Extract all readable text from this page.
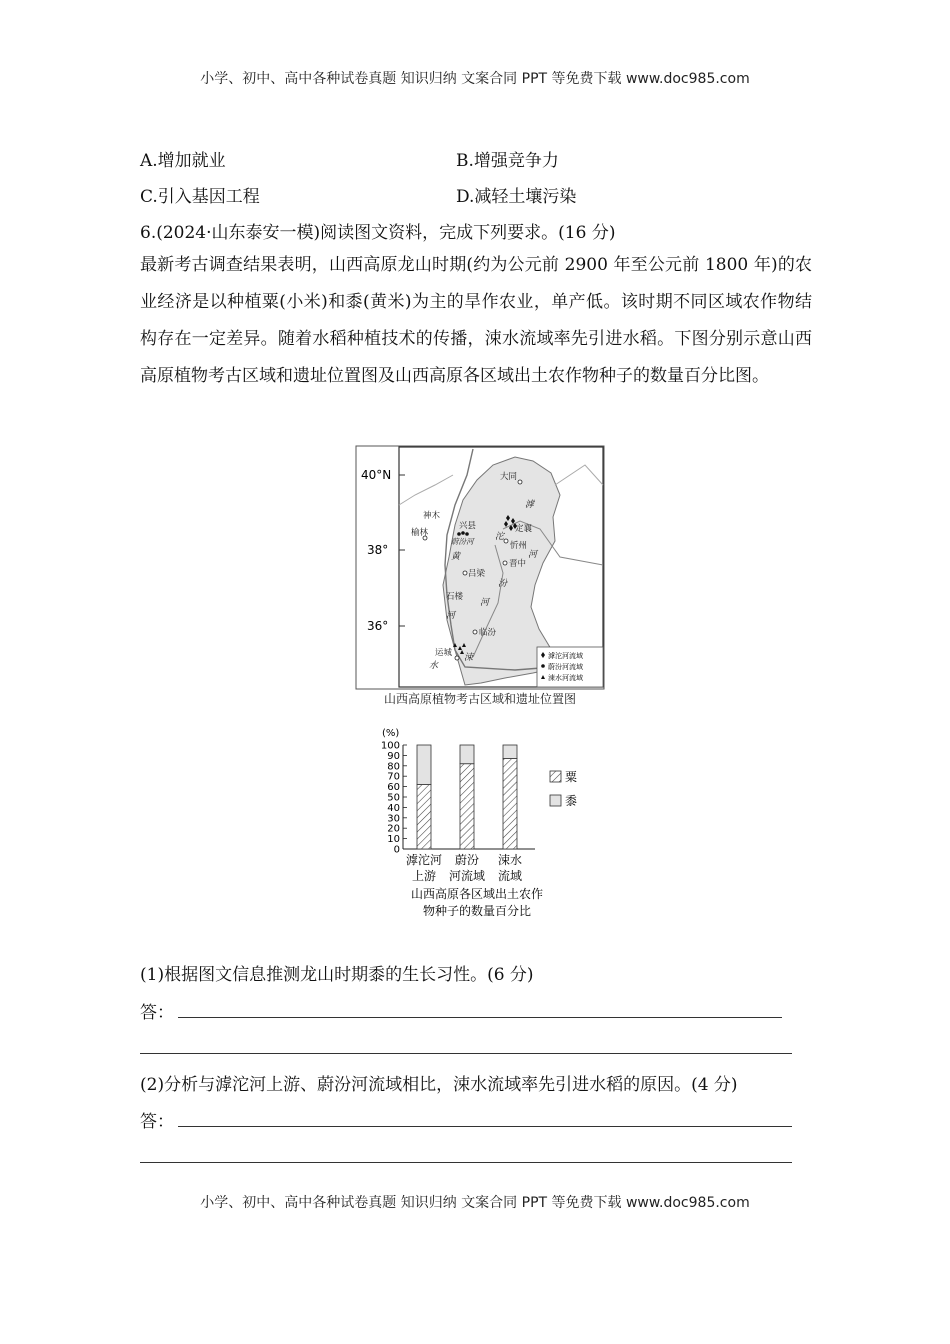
小学、初中、高中各种试卷真题 知识归纳 文案合同 PPT 等免费下载 www.doc985.com
A.增加就业	B.增强竞争力
C.引入基因工程	D.减轻土壤污染
6.(2024·山东泰安一模)阅读图文资料，完成下列要求。(16 分)
最新考古调查结果表明，山西高原龙山时期(约为公元前 2900 年至公元前 1800 年)的农业经济是以种植粟(小米)和黍(黄米)为主的旱作农业，单产低。该时期不同区域农作物结构存在一定差异。随着水稻种植技术的传播，涑水流域率先引进水稻。下图分别示意山西高原植物考古区域和遗址位置图及山西高原各区域出土农作物种子的数量百分比图。
40°N
38°
36°
大同
神木
兴县
榆林	定襄
忻州
晋中
吕梁
石楼
临汾
运城
滹
沱
河
蔚汾河
黄
汾
河
河
涑
水
滹沱河流域
蔚汾河流域
涑水河流域
山西高原植物考古区域和遗址位置图
(%)
0
10
20
30
40
50
60
70
80
90
100
滹沱河
上游
蔚汾
河流域
涑水
流域
粟
黍
山西高原各区域出土农作
物种子的数量百分比
(1)根据图文信息推测龙山时期黍的生长习性。(6 分)
答：
(2)分析与滹沱河上游、蔚汾河流域相比，涑水流域率先引进水稻的原因。(4 分)
答：
小学、初中、高中各种试卷真题 知识归纳 文案合同 PPT 等免费下载 www.doc985.com
